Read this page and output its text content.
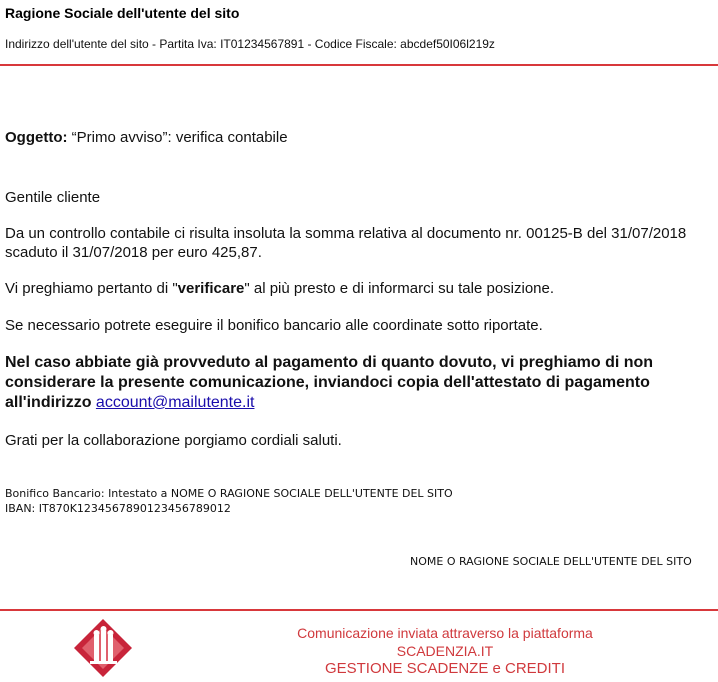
Ragione Sociale dell'utente del sito
Indirizzo dell'utente del sito - Partita Iva: IT01234567891 - Codice Fiscale: abcdef50I06l219z

Oggetto: “Primo avviso”: verifica contabile

Gentile cliente

Da un controllo contabile ci risulta insoluta la somma relativa al documento nr. 00125-B del 31/07/2018 scaduto il 31/07/2018 per euro 425,87.

Vi preghiamo pertanto di "verificare" al più presto e di informarci su tale posizione.

Se necessario potrete eseguire il bonifico bancario alle coordinate sotto riportate.

Nel caso abbiate già provveduto al pagamento di quanto dovuto, vi preghiamo di non considerare la presente comunicazione, inviandoci copia dell'attestato di pagamento all'indirizzo account@mailutente.it

Grati per la collaborazione porgiamo cordiali saluti.

Bonifico Bancario: Intestato a NOME O RAGIONE SOCIALE DELL'UTENTE DEL SITO
IBAN: IT870K1234567890123456789012
NOME O RAGIONE SOCIALE DELL'UTENTE DEL SITO
Comunicazione inviata attraverso la piattaforma
SCADENZIA.IT
GESTIONE SCADENZE e CREDITI
